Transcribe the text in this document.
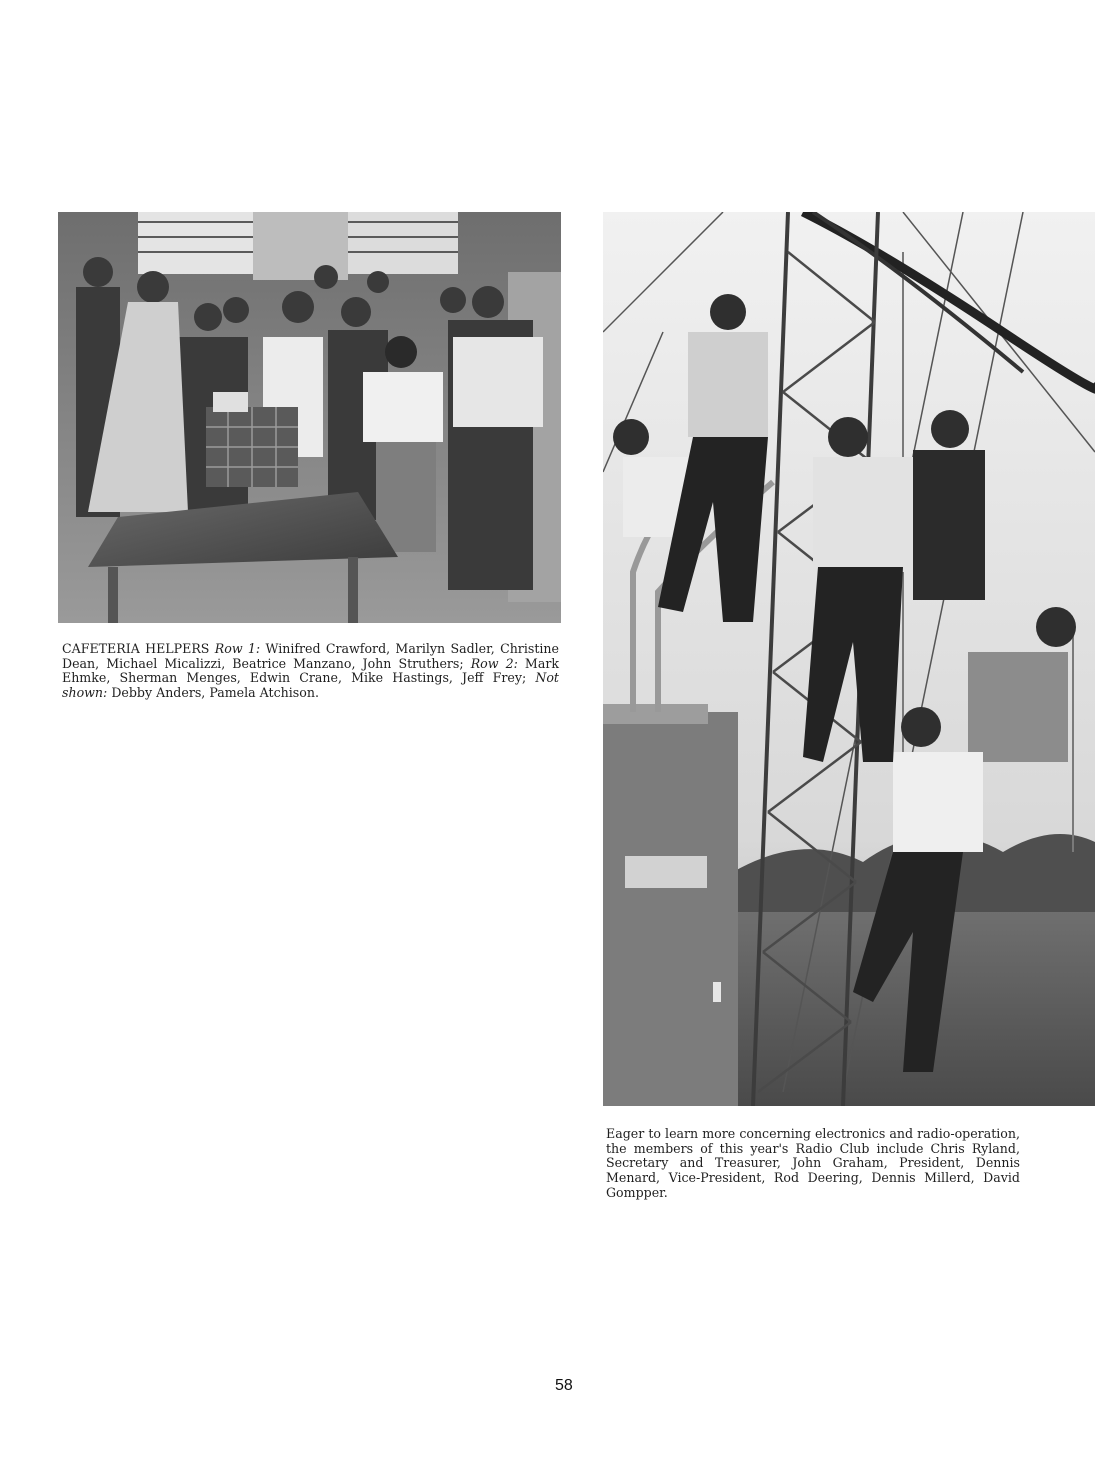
CAFETERIA HELPERS Row 1: Winifred Crawford, Marilyn Sadler, Christine Dean, Michael Micalizzi, Beatrice Manzano, John Struthers; Row 2: Mark Ehmke, Sherman Menges, Edwin Crane, Mike Hastings, Jeff Frey; Not shown: Debby Anders, Pamela Atchison.

Eager to learn more concerning electronics and radio-operation, the members of this year's Radio Club include Chris Ryland, Secretary and Treasurer, John Graham, President, Dennis Menard, Vice-President, Rod Deering, Dennis Millerd, David Gompper.

58
